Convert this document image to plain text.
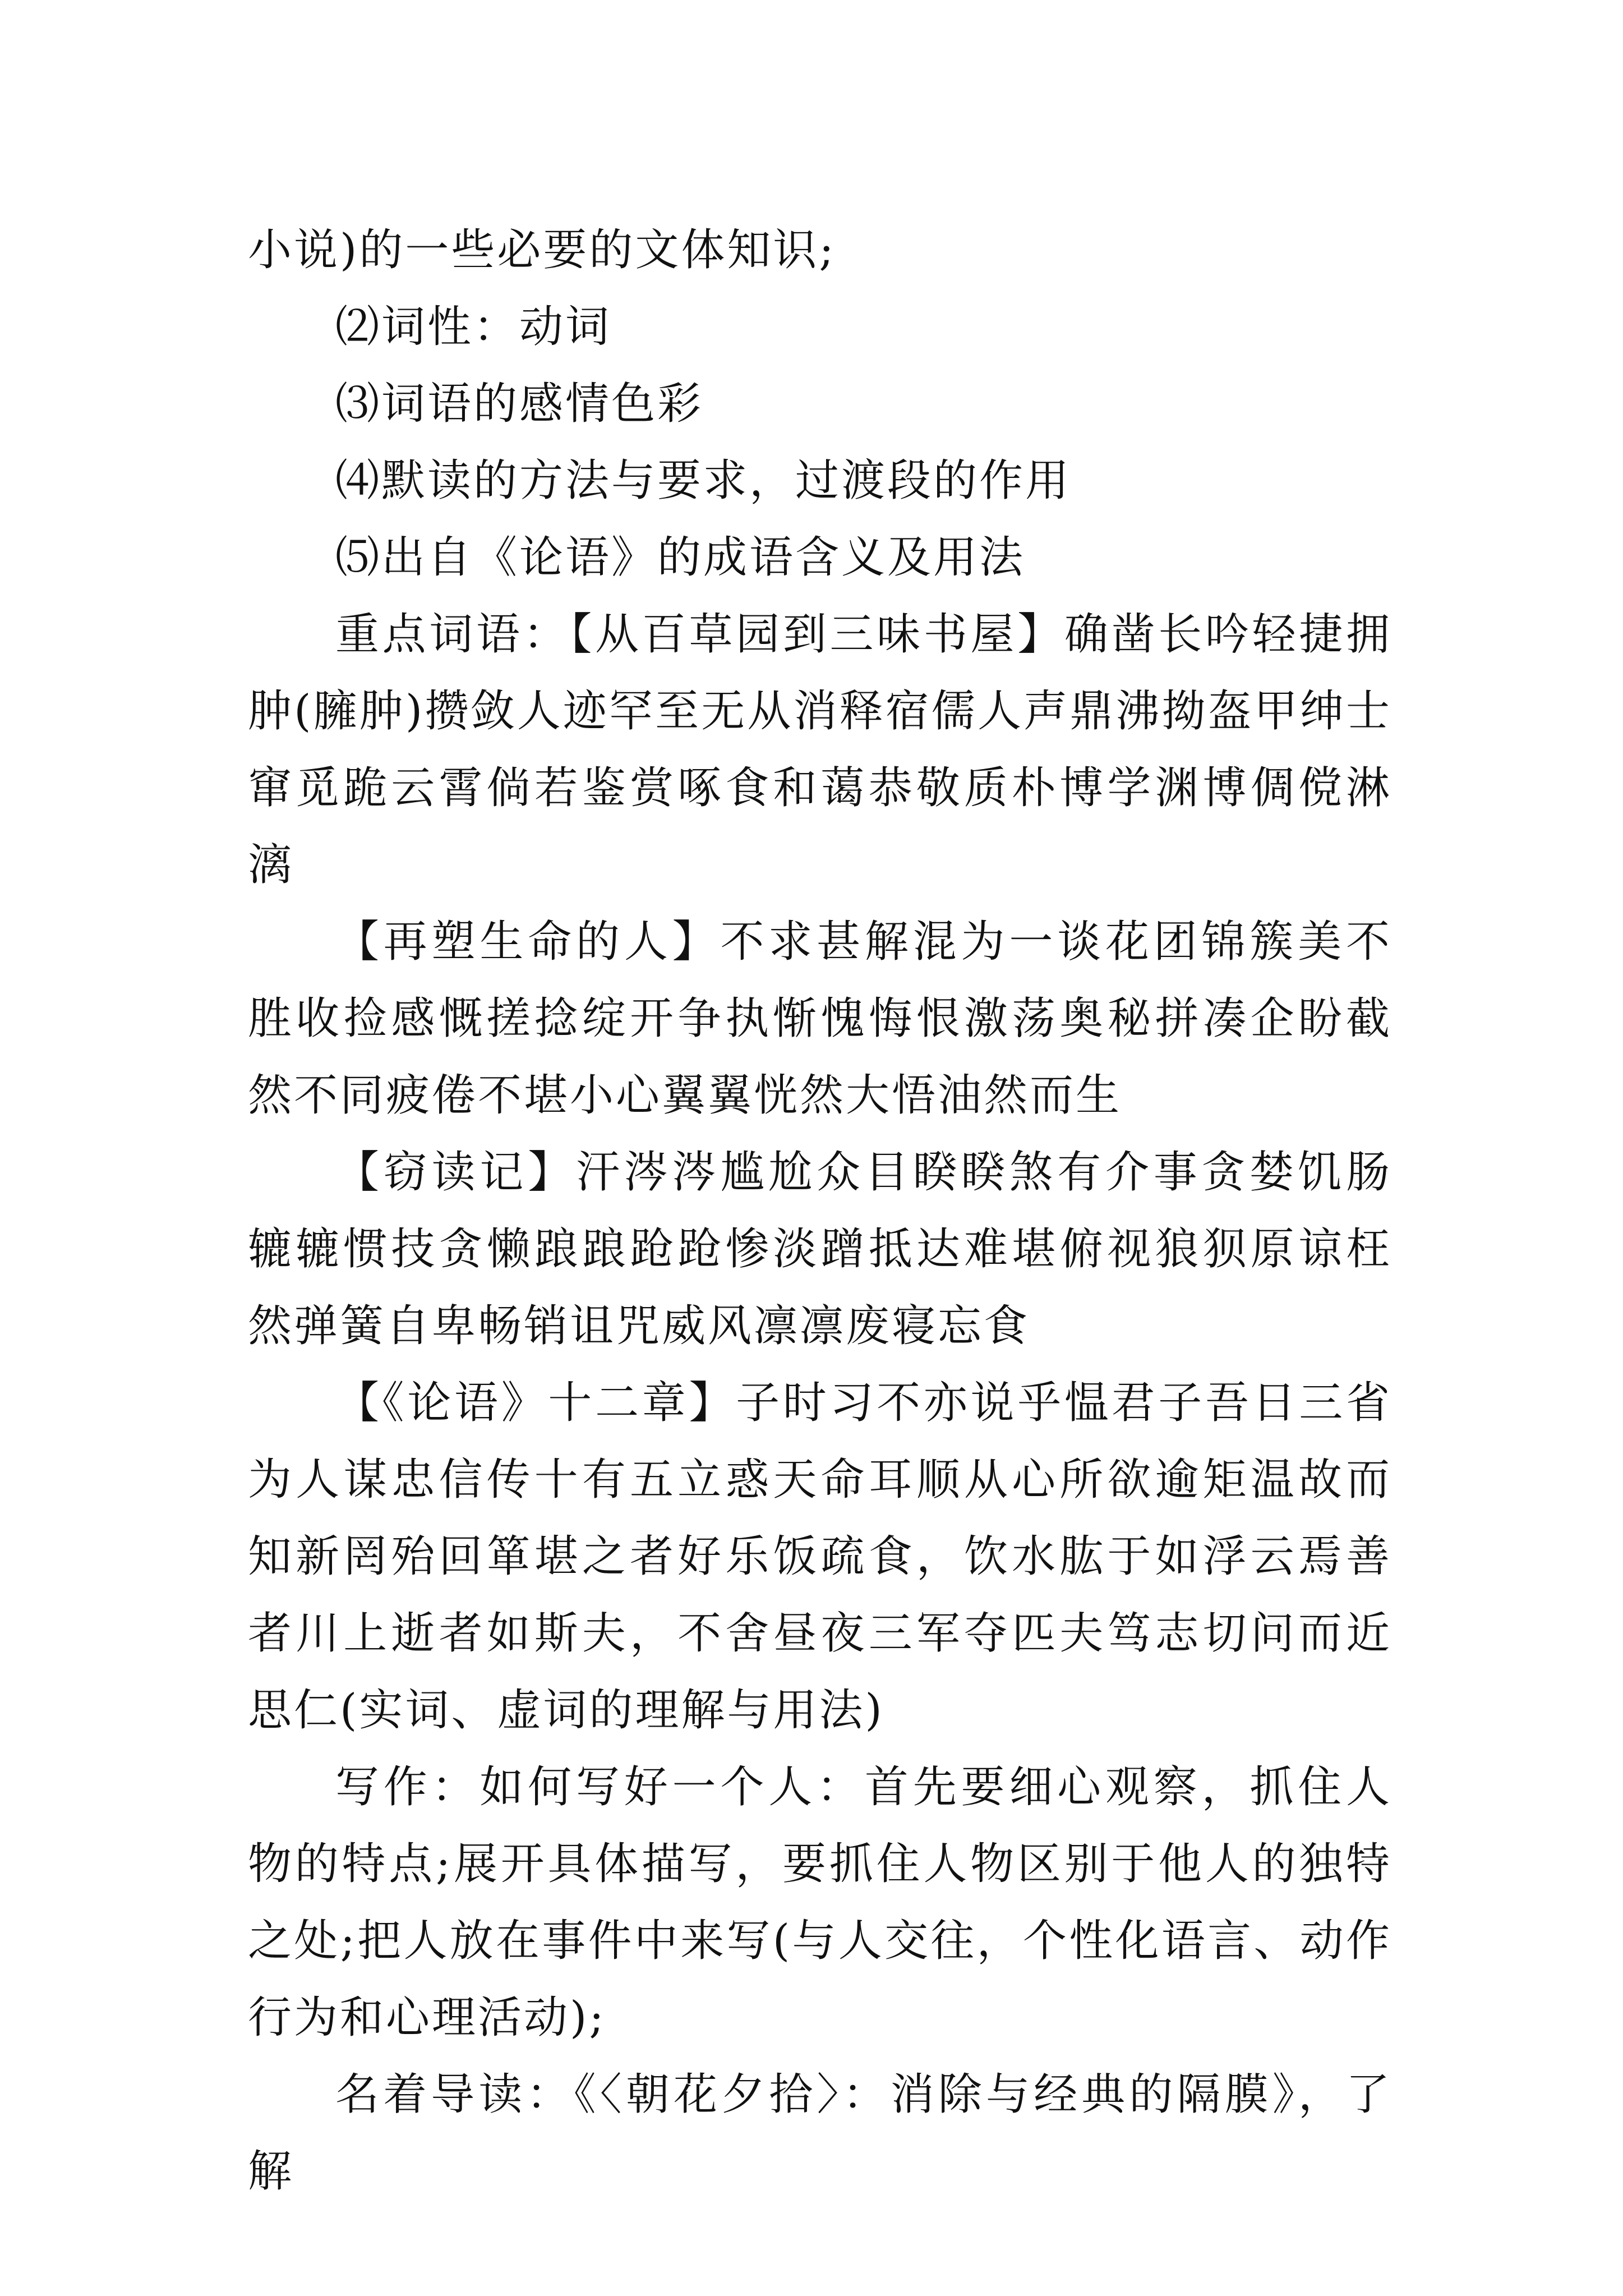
小说)的一些必要的文体知识;

⑵词性：动词

⑶词语的感情色彩

⑷默读的方法与要求，过渡段的作用

⑸出自《论语》的成语含义及用法

重点词语：【从百草园到三味书屋】确凿长吟轻捷拥肿(臃肿)攒敛人迹罕至无从消释宿儒人声鼎沸拗盔甲绅士窜觅跪云霄倘若鉴赏啄食和蔼恭敬质朴博学渊博倜傥淋漓

【再塑生命的人】不求甚解混为一谈花团锦簇美不胜收捡感慨搓捻绽开争执惭愧悔恨激荡奥秘拼凑企盼截然不同疲倦不堪小心翼翼恍然大悟油然而生

【窃读记】汗涔涔尴尬众目睽睽煞有介事贪婪饥肠辘辘惯技贪懒踉踉跄跄惨淡蹭抵达难堪俯视狼狈原谅枉然弹簧自卑畅销诅咒威风凛凛废寝忘食

【《论语》十二章】子时习不亦说乎愠君子吾日三省为人谋忠信传十有五立惑天命耳顺从心所欲逾矩温故而知新罔殆回箪堪之者好乐饭疏食，饮水肱于如浮云焉善者川上逝者如斯夫，不舍昼夜三军夺匹夫笃志切问而近思仁(实词、虚词的理解与用法)

写作：如何写好一个人：首先要细心观察，抓住人物的特点;展开具体描写，要抓住人物区别于他人的独特之处;把人放在事件中来写(与人交往，个性化语言、动作行为和心理活动);

名着导读：《〈朝花夕拾〉：消除与经典的隔膜》，了解
